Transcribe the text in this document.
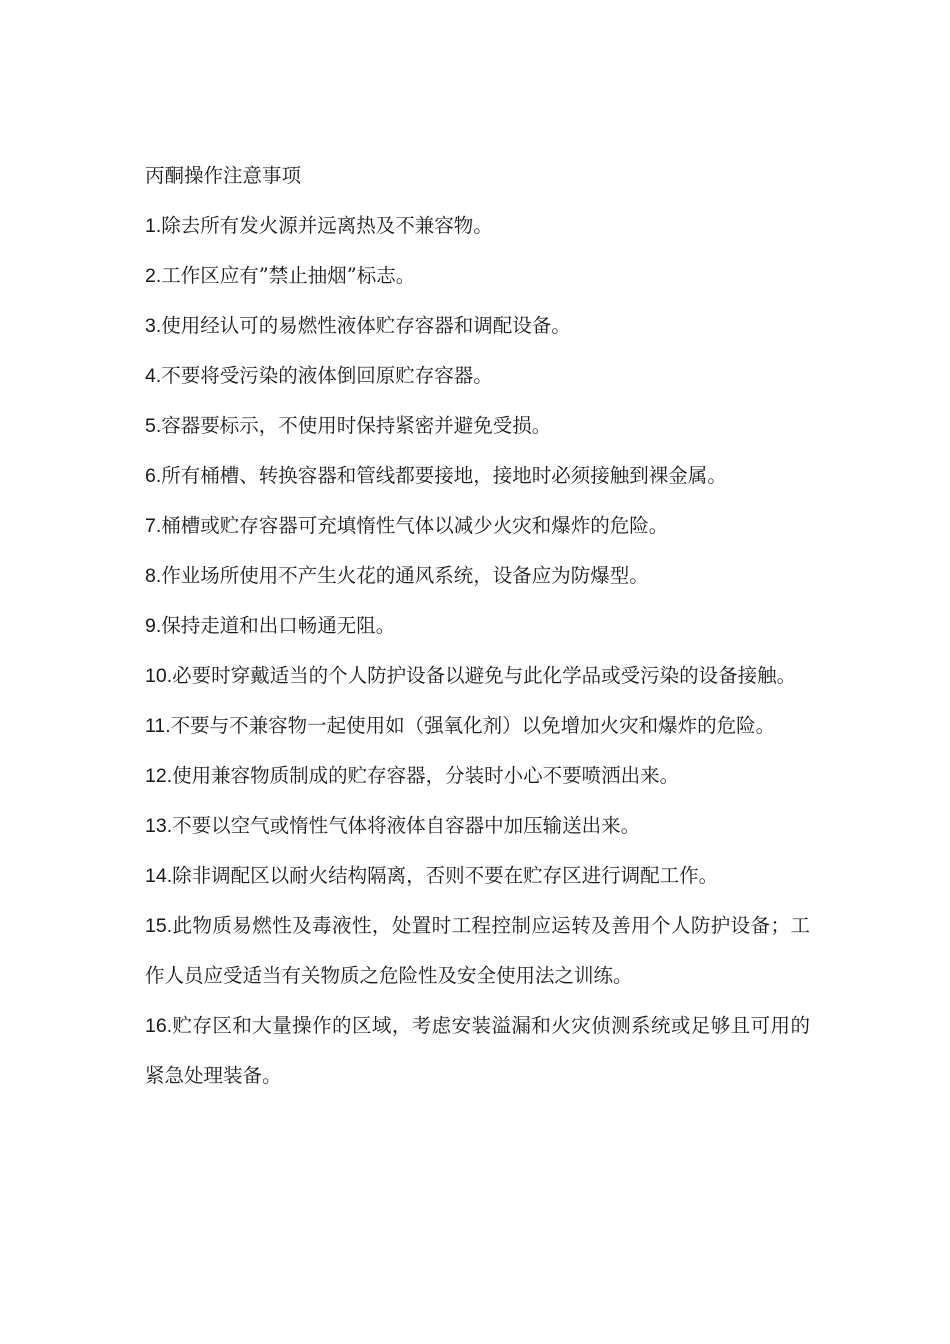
丙酮操作注意事项

1.除去所有发火源并远离热及不兼容物。

2.工作区应有”禁止抽烟”标志。

3.使用经认可的易燃性液体贮存容器和调配设备。

4.不要将受污染的液体倒回原贮存容器。

5.容器要标示，不使用时保持紧密并避免受损。

6.所有桶槽、转换容器和管线都要接地，接地时必须接触到裸金属。

7.桶槽或贮存容器可充填惰性气体以减少火灾和爆炸的危险。

8.作业场所使用不产生火花的通风系统，设备应为防爆型。

9.保持走道和出口畅通无阻。

10.必要时穿戴适当的个人防护设备以避免与此化学品或受污染的设备接触。

11.不要与不兼容物一起使用如（强氧化剂）以免增加火灾和爆炸的危险。

12.使用兼容物质制成的贮存容器，分装时小心不要喷洒出来。

13.不要以空气或惰性气体将液体自容器中加压输送出来。

14.除非调配区以耐火结构隔离，否则不要在贮存区进行调配工作。

15.此物质易燃性及毒液性，处置时工程控制应运转及善用个人防护设备；工作人员应受适当有关物质之危险性及安全使用法之训练。

16.贮存区和大量操作的区域，考虑安装溢漏和火灾侦测系统或足够且可用的紧急处理装备。
